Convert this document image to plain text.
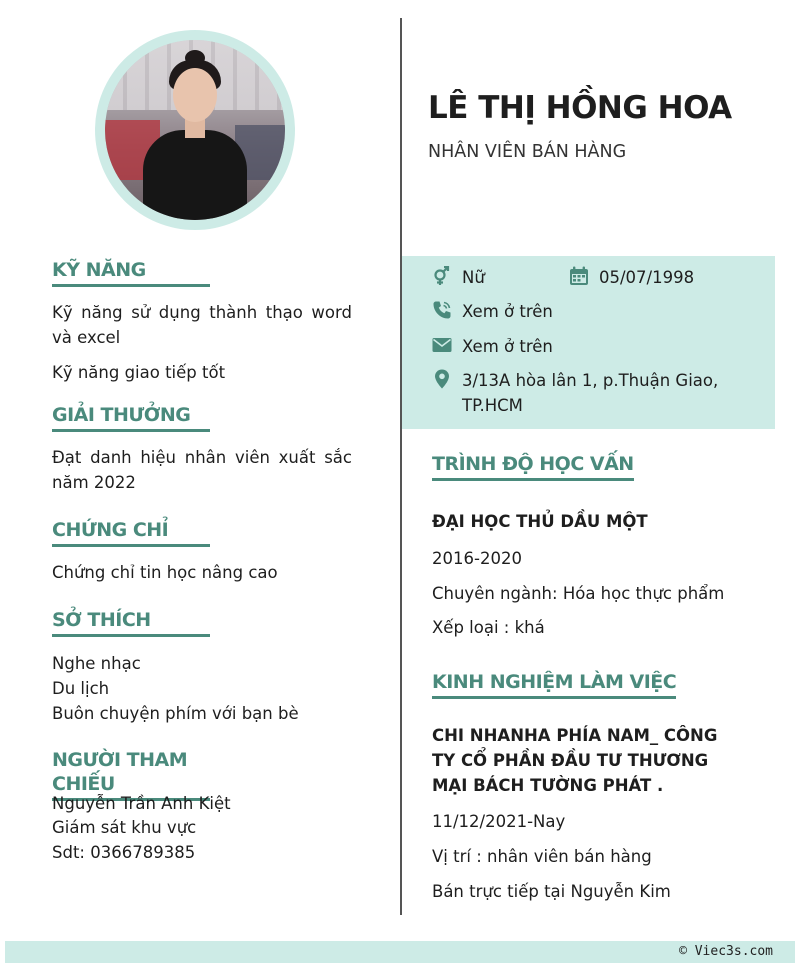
KỸ NĂNG
Kỹ năng sử dụng thành thạo word và excel
Kỹ năng giao tiếp tốt
GIẢI THƯỞNG
Đạt danh hiệu nhân viên xuất sắc năm 2022
CHỨNG CHỈ
Chứng chỉ tin học nâng cao
SỞ THÍCH
Nghe nhạc
Du lịch
Buôn chuyện phím với bạn bè
NGƯỜI THAM CHIẾU
Nguyễn Trần Anh Kiệt
Giám sát khu vực
Sdt: 0366789385
LÊ THỊ HỒNG HOA
NHÂN VIÊN BÁN HÀNG
Nữ	05/07/1998
Xem ở trên
Xem ở trên
3/13A hòa lân 1, p.Thuận Giao,
TP.HCM
TRÌNH ĐỘ HỌC VẤN
ĐẠI HỌC THỦ DẦU MỘT
2016-2020
Chuyên ngành: Hóa học thực phẩm
Xếp loại : khá
KINH NGHIỆM LÀM VIỆC
CHI NHANHA PHÍA NAM_ CÔNG TY CỔ PHẦN ĐẦU TƯ THƯƠNG MẠI BÁCH TƯỜNG PHÁT .
11/12/2021-Nay
Vị trí : nhân viên bán hàng
Bán trực tiếp tại Nguyễn Kim
© Viec3s.com
